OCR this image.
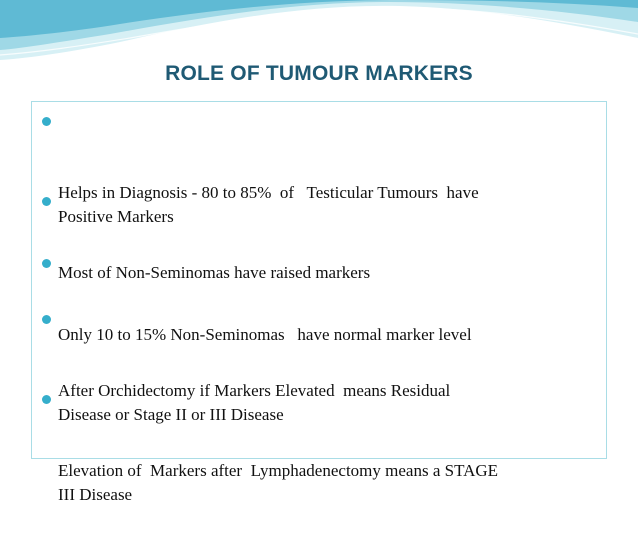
ROLE OF TUMOUR MARKERS

Helps in Diagnosis - 80 to 85%  of   Testicular Tumours  have
Positive Markers

Most of Non-Seminomas have raised markers

Only 10 to 15% Non-Seminomas   have normal marker level

After Orchidectomy if Markers Elevated  means Residual
Disease or Stage II or III Disease

Elevation of  Markers after  Lymphadenectomy means a STAGE
III Disease
